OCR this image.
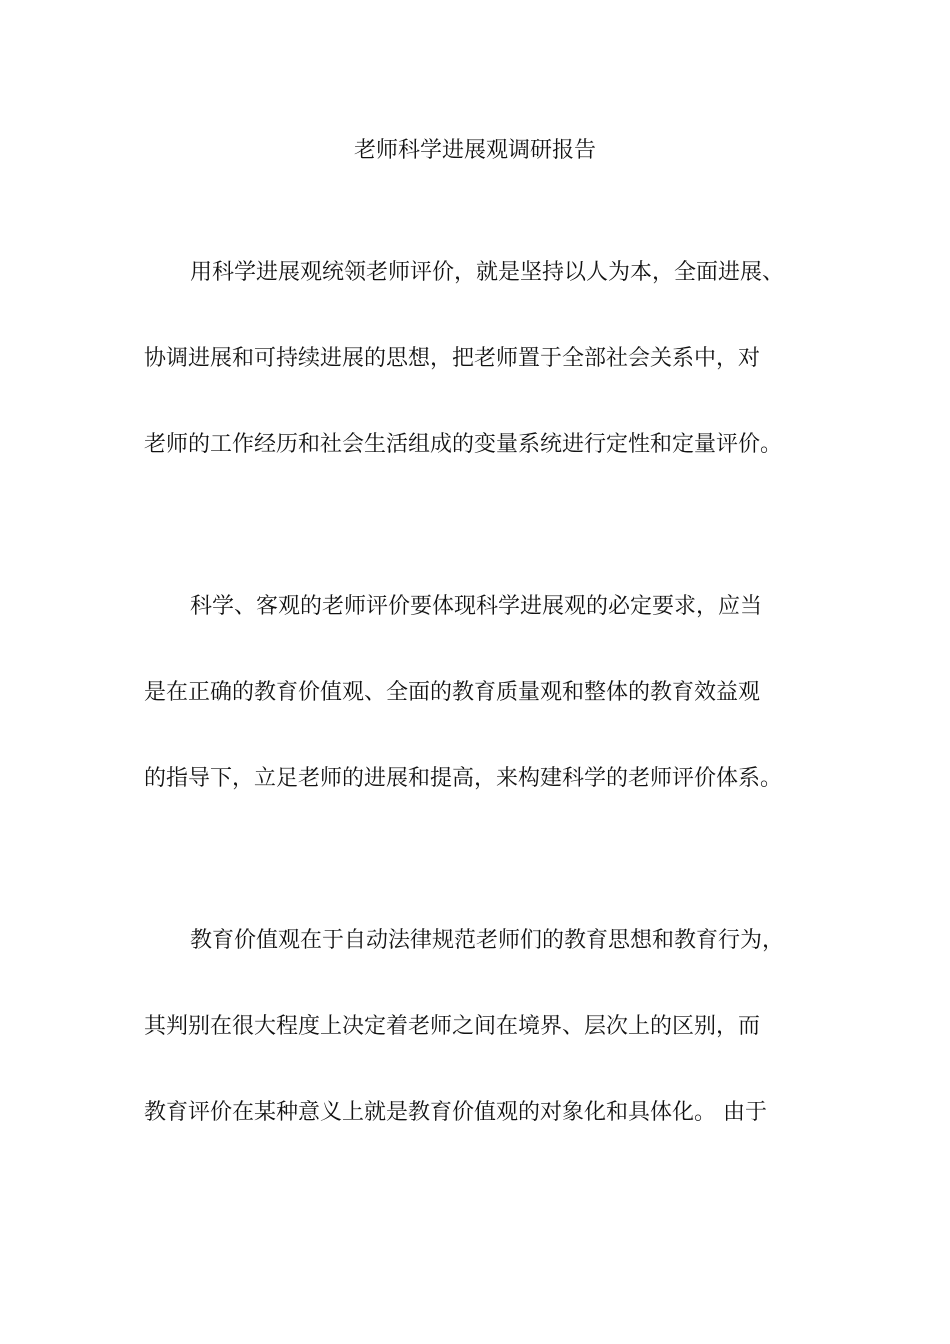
老师科学进展观调研报告
用科学进展观统领老师评价，就是坚持以人为本，全面进展、
协调进展和可持续进展的思想，把老师置于全部社会关系中，对
老师的工作经历和社会生活组成的变量系统进行定性和定量评价。
科学、客观的老师评价要体现科学进展观的必定要求，应当
是在正确的教育价值观、全面的教育质量观和整体的教育效益观
的指导下，立足老师的进展和提高，来构建科学的老师评价体系。
教育价值观在于自动法律规范老师们的教育思想和教育行为，
其判别在很大程度上决定着老师之间在境界、层次上的区别，而
教育评价在某种意义上就是教育价值观的对象化和具体化。 由于
